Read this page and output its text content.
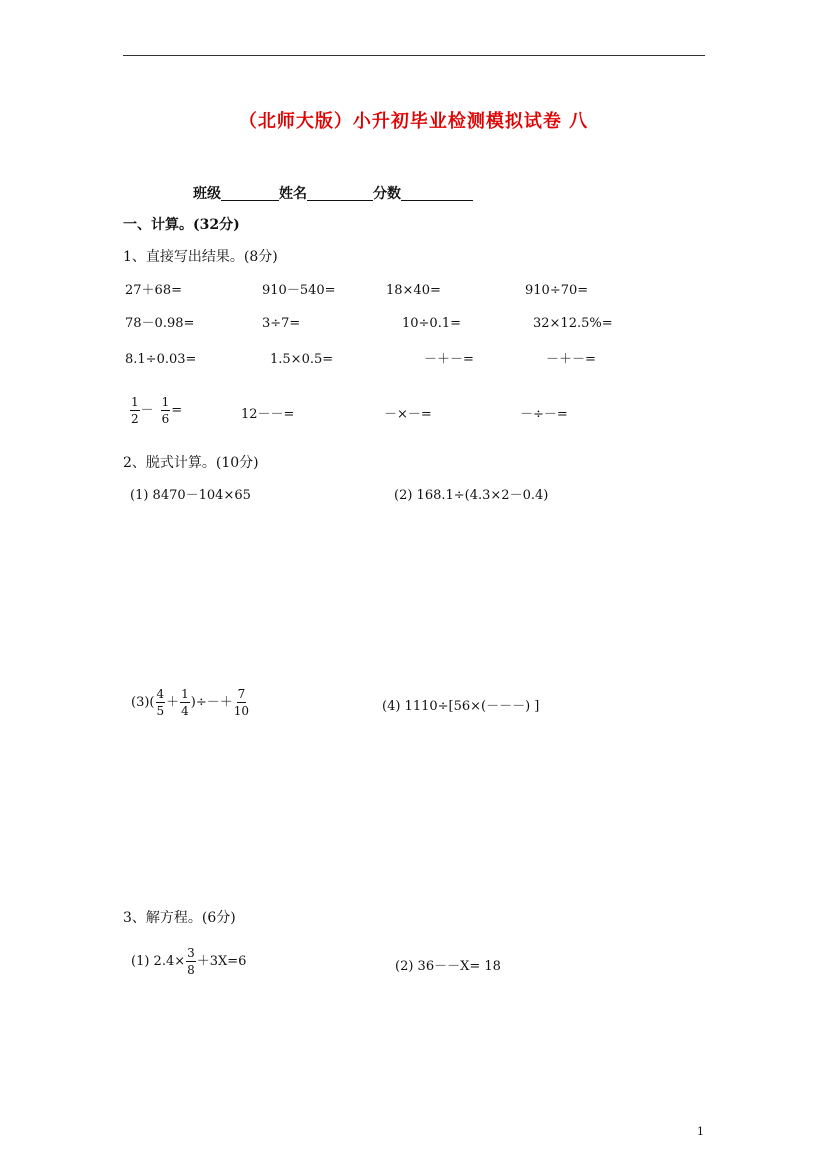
（北师大版）小升初毕业检测模拟试卷 八
班级	姓名	分数
一、计算。(32分)
1、直接写出结果。(8分)
27＋68=	910－540=	18×40=	910÷70=
78－0.98=	3÷7=	10÷0.1=	32×12.5%=
8.1÷0.03=	1.5×0.5=	－＋－=	－＋－=
$\frac{1}{2} - \frac{1}{6}$ =	12－－=	－×－=	－÷－=
2、脱式计算。(10分)
(1) 8470－104×65	(2) 168.1÷(4.3×2－0.4)
$(3)( \frac{4}{5} + \frac{1}{4}$ )÷－＋ $\frac{7}{10}$	(4) 1110÷[56×(－－－) ]
3、解方程。(6分)
(1) $2.4\times \frac{3}{8} +3X=6$	(2) 36－－X= 18
1
